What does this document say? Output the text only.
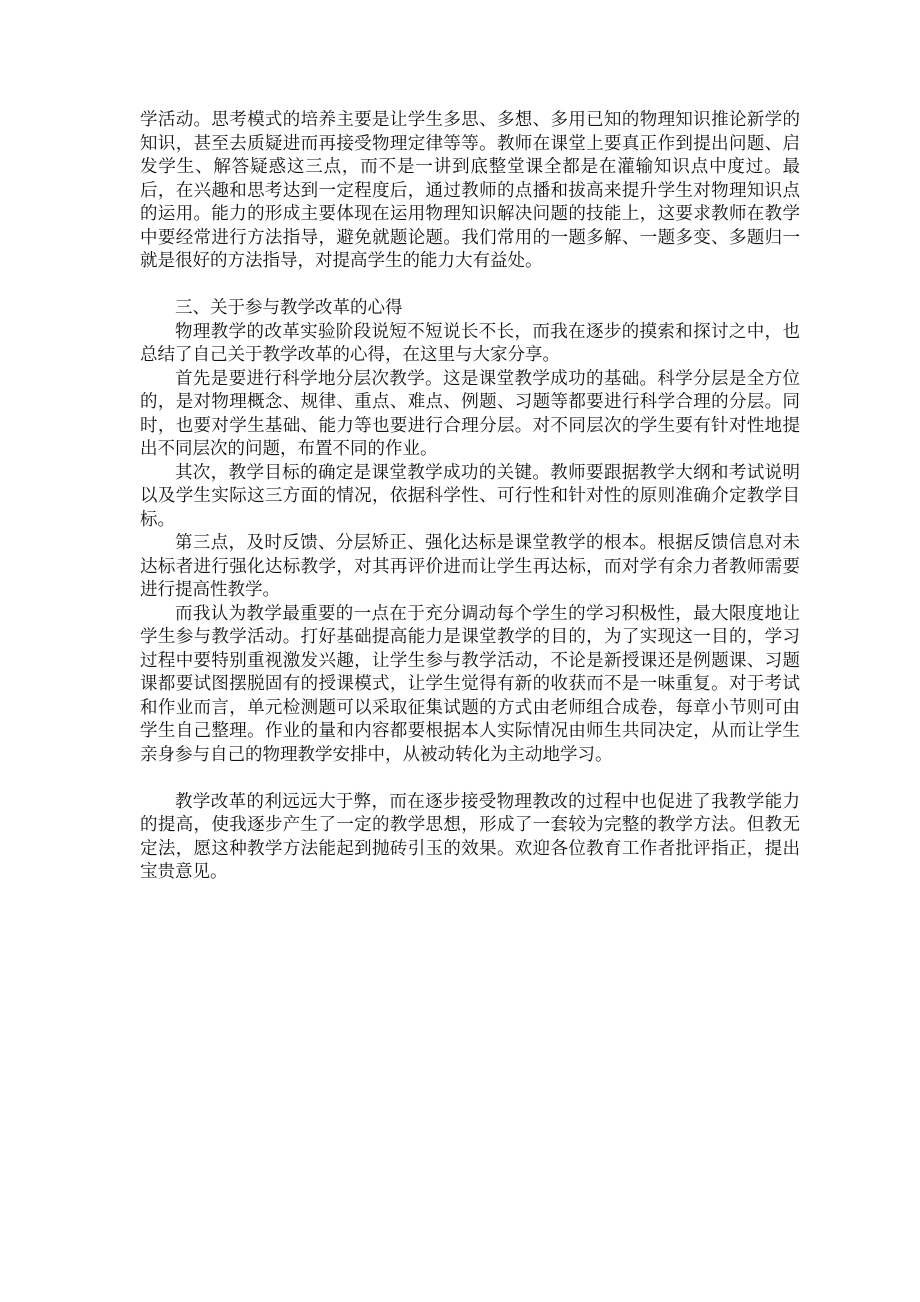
学活动。思考模式的培养主要是让学生多思、多想、多用已知的物理知识推论新学的知识，甚至去质疑进而再接受物理定律等等。教师在课堂上要真正作到提出问题、启发学生、解答疑惑这三点，而不是一讲到底整堂课全都是在灌输知识点中度过。最后，在兴趣和思考达到一定程度后，通过教师的点播和拔高来提升学生对物理知识点的运用。能力的形成主要体现在运用物理知识解决问题的技能上，这要求教师在教学中要经常进行方法指导，避免就题论题。我们常用的一题多解、一题多变、多题归一就是很好的方法指导，对提高学生的能力大有益处。

三、关于参与教学改革的心得

物理教学的改革实验阶段说短不短说长不长，而我在逐步的摸索和探讨之中，也总结了自己关于教学改革的心得，在这里与大家分享。

首先是要进行科学地分层次教学。这是课堂教学成功的基础。科学分层是全方位的，是对物理概念、规律、重点、难点、例题、习题等都要进行科学合理的分层。同时，也要对学生基础、能力等也要进行合理分层。对不同层次的学生要有针对性地提出不同层次的问题，布置不同的作业。

其次，教学目标的确定是课堂教学成功的关键。教师要跟据教学大纲和考试说明以及学生实际这三方面的情况，依据科学性、可行性和针对性的原则准确介定教学目标。

第三点，及时反馈、分层矫正、强化达标是课堂教学的根本。根据反馈信息对未达标者进行强化达标教学，对其再评价进而让学生再达标，而对学有余力者教师需要进行提高性教学。

而我认为教学最重要的一点在于充分调动每个学生的学习积极性，最大限度地让学生参与教学活动。打好基础提高能力是课堂教学的目的，为了实现这一目的，学习过程中要特别重视激发兴趣，让学生参与教学活动，不论是新授课还是例题课、习题课都要试图摆脱固有的授课模式，让学生觉得有新的收获而不是一味重复。对于考试和作业而言，单元检测题可以采取征集试题的方式由老师组合成卷，每章小节则可由学生自己整理。作业的量和内容都要根据本人实际情况由师生共同决定，从而让学生亲身参与自己的物理教学安排中，从被动转化为主动地学习。

教学改革的利远远大于弊，而在逐步接受物理教改的过程中也促进了我教学能力的提高，使我逐步产生了一定的教学思想，形成了一套较为完整的教学方法。但教无定法，愿这种教学方法能起到抛砖引玉的效果。欢迎各位教育工作者批评指正，提出宝贵意见。
